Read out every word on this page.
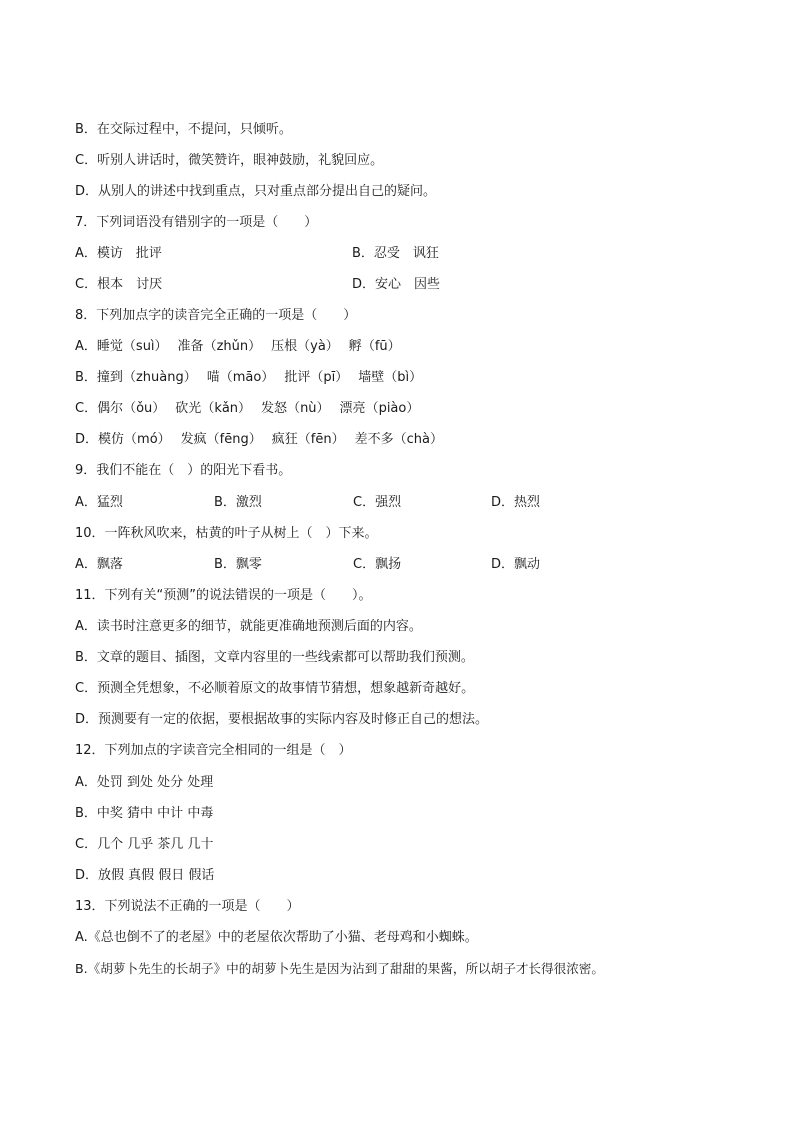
B．在交际过程中，不提问，只倾听。
C．听别人讲话时，微笑赞许，眼神鼓励，礼貌回应。
D．从别人的讲述中找到重点，只对重点部分提出自己的疑问。
7．下列词语没有错别字的一项是（　　）
A．模访　批评	B．忍受　讽狂
C．根本　讨厌	D．安心　因些
8．下列加点字的读音完全正确的一项是（　　）
A．睡觉（suì） 准备（zhǔn） 压根（yà） 孵（fū）
B．撞到（zhuàng） 喵（māo） 批评（pī） 墙壁（bì）
C．偶尔（ǒu） 砍光（kǎn） 发怒（nù） 漂亮（piào）
D．模仿（mó） 发疯（fēng） 疯狂（fēn） 差不多（chà）
9．我们不能在（　）的阳光下看书。
A．猛烈	B．激烈	C．强烈	D．热烈
10．一阵秋风吹来，枯黄的叶子从树上（　）下来。
A．飘落	B．飘零	C．飘扬	D．飘动
11．下列有关“预测”的说法错误的一项是（　　）。
A．读书时注意更多的细节，就能更准确地预测后面的内容。
B．文章的题目、插图，文章内容里的一些线索都可以帮助我们预测。
C．预测全凭想象，不必顺着原文的故事情节猜想，想象越新奇越好。
D．预测要有一定的依据，要根据故事的实际内容及时修正自己的想法。
12．下列加点的字读音完全相同的一组是（　）
A．处罚 到处 处分 处理
B．中奖 猜中 中计 中毒
C．几个 几乎 茶几 几十
D．放假 真假 假日 假话
13．下列说法不正确的一项是（　　）
A.《总也倒不了的老屋》中的老屋依次帮助了小猫、老母鸡和小蜘蛛。
B.《胡萝卜先生的长胡子》中的胡萝卜先生是因为沾到了甜甜的果酱，所以胡子才长得很浓密。
